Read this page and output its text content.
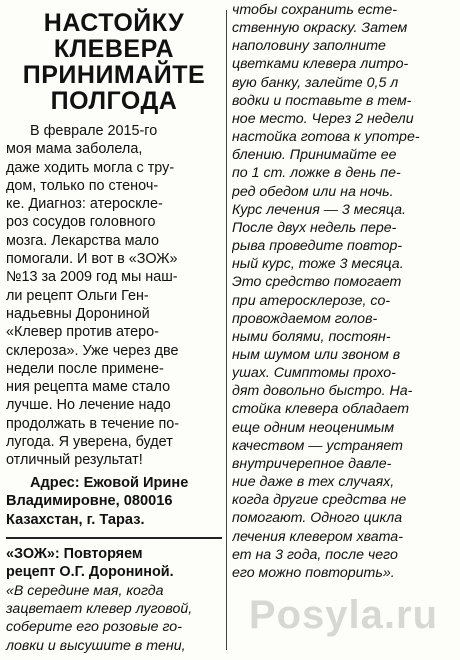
НАСТОЙКУ
КЛЕВЕРА
ПРИНИМАЙТЕ
ПОЛГОДА

В феврале 2015-го
моя мама заболела,
даже ходить могла с тру-
дом, только по стеноч-
ке. Диагноз: атероскле-
роз сосудов головного
мозга. Лекарства мало
помогали. И вот в «ЗОЖ»
№13 за 2009 год мы наш-
ли рецепт Ольги Ген-
надьевны Дорониной
«Клевер против атеро-
склероза». Уже через две
недели после примене-
ния рецепта маме стало
лучше. Но лечение надо
продолжать в течение по-
лугода. Я уверена, будет
отличный результат!

Адрес: Ежовой Ирине
Владимировне, 080016
Казахстан, г. Тараз.

«ЗОЖ»: Повторяем
рецепт О.Г. Дорониной.

«В середине мая, когда
зацветает клевер луговой,
соберите его розовые го-
ловки и высушите в тени,

чтобы сохранить есте-
ственную окраску. Затем
наполовину заполните
цветками клевера литро-
вую банку, залейте 0,5 л
водки и поставьте в тем-
ное место. Через 2 недели
настойка готова к употре-
блению. Принимайте ее
по 1 ст. ложке в день пе-
ред обедом или на ночь.
Курс лечения — 3 месяца.
После двух недель пере-
рыва проведите повтор-
ный курс, тоже 3 месяца.
Это средство помогает
при атеросклерозе, со-
провождаемом голов-
ными болями, постоян-
ным шумом или звоном в
ушах. Симптомы прохо-
дят довольно быстро. На-
стойка клевера обладает
еще одним неоценимым
качеством — устраняет
внутричерепное давле-
ние даже в тех случаях,
когда другие средства не
помогают. Одного цикла
лечения клевером хвата-
ет на 3 года, после чего
его можно повторить».

Posyla.ru
